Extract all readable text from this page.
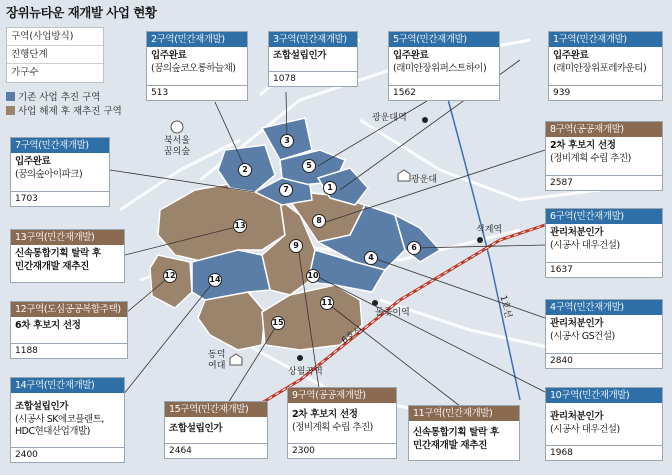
장위뉴타운 재개발 사업 현황
구역(사업방식)
진행단계
가구수
기존 사업 추진 구역
사업 해제 후 재추진 구역
2구역(민간재개발)
입주완료
(꿈의숲코오롱하늘채)
513
3구역(민간재개발)
조합설립인가
1078
5구역(민간재개발)
입주완료
(래미안장위퍼스트하이)
1562
1구역(민간재개발)
입주완료
(래미안장위포레카운티)
939
7구역(민간재개발)
입주완료
(꿈의숲아이파크)
1703
8구역(공공재개발)
2차 후보지 선정
(정비계획 수립 추진)
2587
13구역(민간재개발)
신속통합기획 탈락 후
민간재개발 재추진
6구역(민간재개발)
관리처분인가
(시공사 대우건설)
1637
12구역(도심공공복합주택)
6차 후보지 선정
1188
4구역(민간재개발)
관리처분인가
(시공사 GS건설)
2840
14구역(민간재개발)
조합설립인가
(시공사 SK에코플랜트,
HDC현대산업개발)
2400
15구역(민간재개발)
조합설립인가
2464
9구역(공공재개발)
2차 후보지 선정
(정비계획 수립 추진)
2300
11구역(민간재개발)
신속통합기획 탈락 후
민간재개발 재추진
10구역(민간재개발)
관리처분인가
(시공사 대우건설)
1968
북서울 꿈의숲
광운대역
광운대
석계역
돌곶이역
상월곡역
동덕 여대
6호선
1호선
1
2
3
4
5
6
7
8
9
10
11
12
13
14
15
